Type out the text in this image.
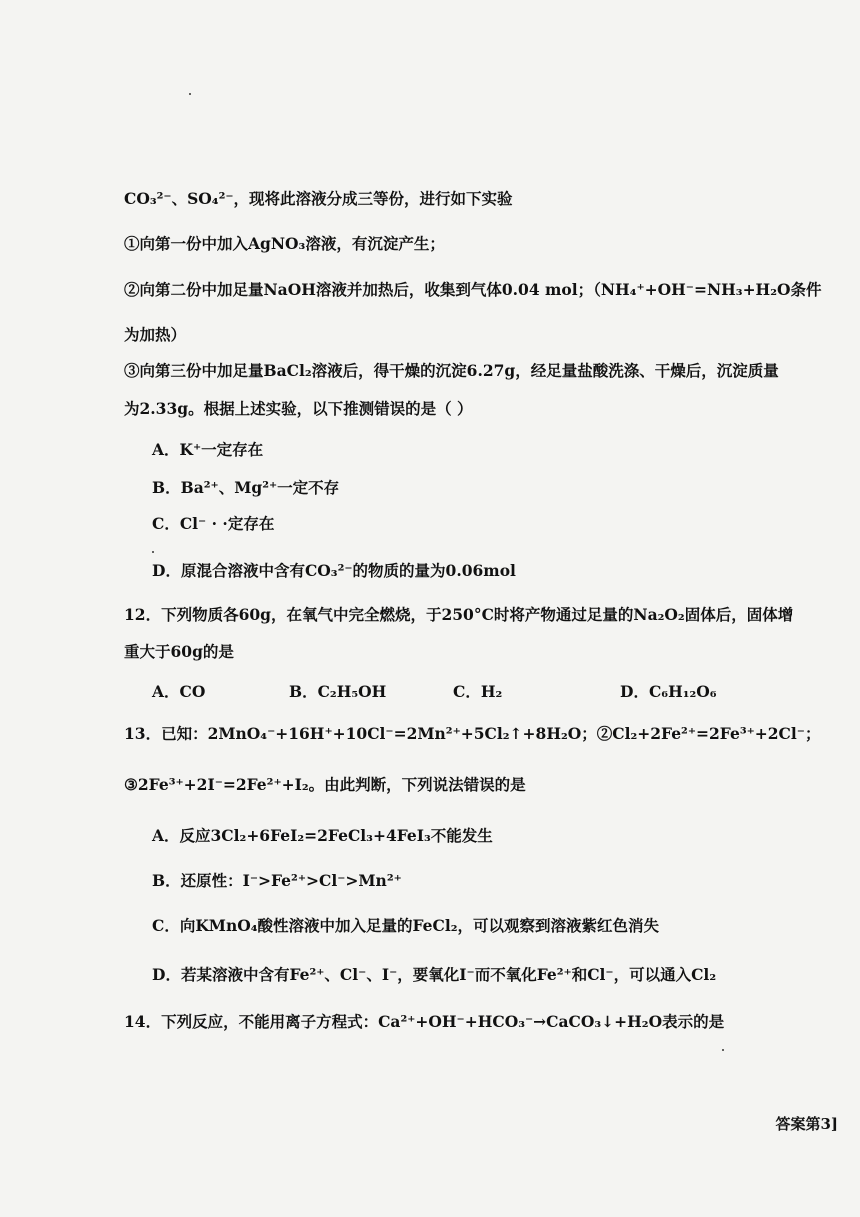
CO₃²⁻、SO₄²⁻，现将此溶液分成三等份，进行如下实验
①向第一份中加入AgNO₃溶液，有沉淀产生；
②向第二份中加足量NaOH溶液并加热后，收集到气体0.04 mol；（NH₄⁺+OH⁻=NH₃+H₂O条件
为加热）
③向第三份中加足量BaCl₂溶液后，得干燥的沉淀6.27g，经足量盐酸洗涤、干燥后，沉淀质量
为2.33g。根据上述实验，以下推测错误的是（ ）
A．K⁺一定存在
B．Ba²⁺、Mg²⁺一定不存
C．Cl⁻ · ·定存在
D．原混合溶液中含有CO₃²⁻的物质的量为0.06mol
12．下列物质各60g，在氧气中完全燃烧，于250°C时将产物通过足量的Na₂O₂固体后，固体增
重大于60g的是
A．CO	B．C₂H₅OH	C．H₂	D．C₆H₁₂O₆
13．已知：2MnO₄⁻+16H⁺+10Cl⁻=2Mn²⁺+5Cl₂↑+8H₂O；②Cl₂+2Fe²⁺=2Fe³⁺+2Cl⁻；
③2Fe³⁺+2I⁻=2Fe²⁺+I₂。由此判断，下列说法错误的是
A．反应3Cl₂+6FeI₂=2FeCl₃+4FeI₃不能发生
B．还原性：I⁻>Fe²⁺>Cl⁻>Mn²⁺
C．向KMnO₄酸性溶液中加入足量的FeCl₂，可以观察到溶液紫红色消失
D．若某溶液中含有Fe²⁺、Cl⁻、I⁻，要氧化I⁻而不氧化Fe²⁺和Cl⁻，可以通入Cl₂
14．下列反应，不能用离子方程式：Ca²⁺+OH⁻+HCO₃⁻→CaCO₃↓+H₂O表示的是
答案第3]
